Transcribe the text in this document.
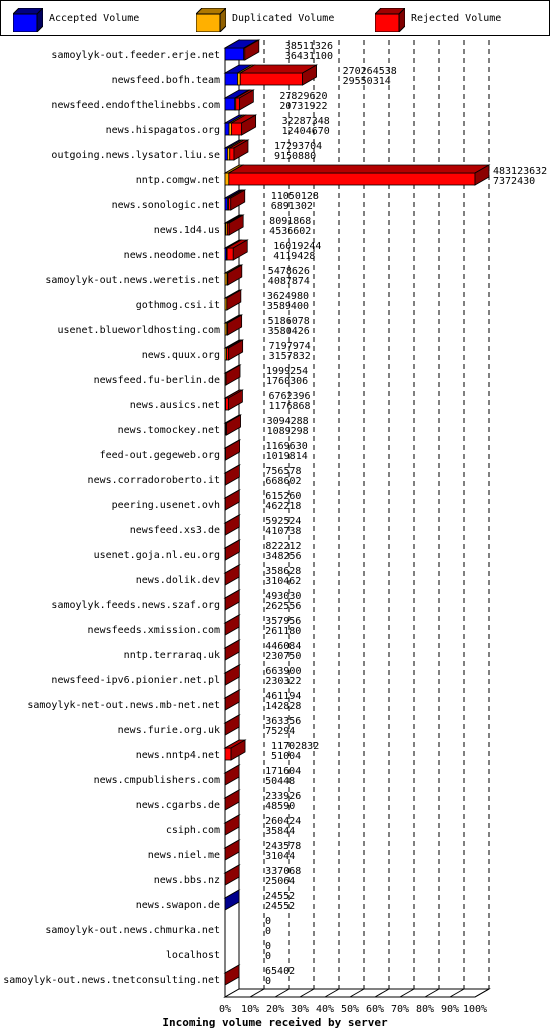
Accepted Volume	Duplicated Volume	Rejected Volume
samoylyk-out.feeder.erje.net
38511326
36431100
newsfeed.bofh.team
270264538
29550314
newsfeed.endofthelinebbs.com
27829620
20731922
news.hispagatos.org
32287348
12404670
outgoing.news.lysator.liu.se
17293704
9150880
nntp.comgw.net
483123632
7372430
news.sonologic.net
11050128
6891302
news.1d4.us
8091868
4536602
news.neodome.net
16019244
4119428
samoylyk-out.news.weretis.net
5478626
4087874
gothmog.csi.it
3624980
3589400
usenet.blueworldhosting.com
5186078
3580426
news.quux.org
7197974
3157832
newsfeed.fu-berlin.de
1999254
1760306
news.ausics.net
6762396
1176868
news.tomockey.net
3094288
1089298
feed-out.gegeweb.org
1169630
1019814
news.corradoroberto.it
756578
668602
peering.usenet.ovh
615260
462218
newsfeed.xs3.de
592524
410738
usenet.goja.nl.eu.org
822212
348256
news.dolik.dev
358628
310462
samoylyk.feeds.news.szaf.org
493030
262556
newsfeeds.xmission.com
357956
261180
nntp.terraraq.uk
446084
230750
newsfeed-ipv6.pionier.net.pl
663900
230322
samoylyk-net-out.news.mb-net.net
461194
142828
news.furie.org.uk
363356
75294
news.nntp4.net
11702832
51004
news.cmpublishers.com
171604
50448
news.cgarbs.de
233926
48590
csiph.com
260424
35844
news.niel.me
243578
31044
news.bbs.nz
337068
25064
news.swapon.de
24552
24552
samoylyk-out.news.chmurka.net
0
0
localhost
0
0
samoylyk-out.news.tnetconsulting.net
65402
0
0% 10% 20% 30% 40% 50% 60% 70% 80% 90% 100%
Incoming volume received by server
